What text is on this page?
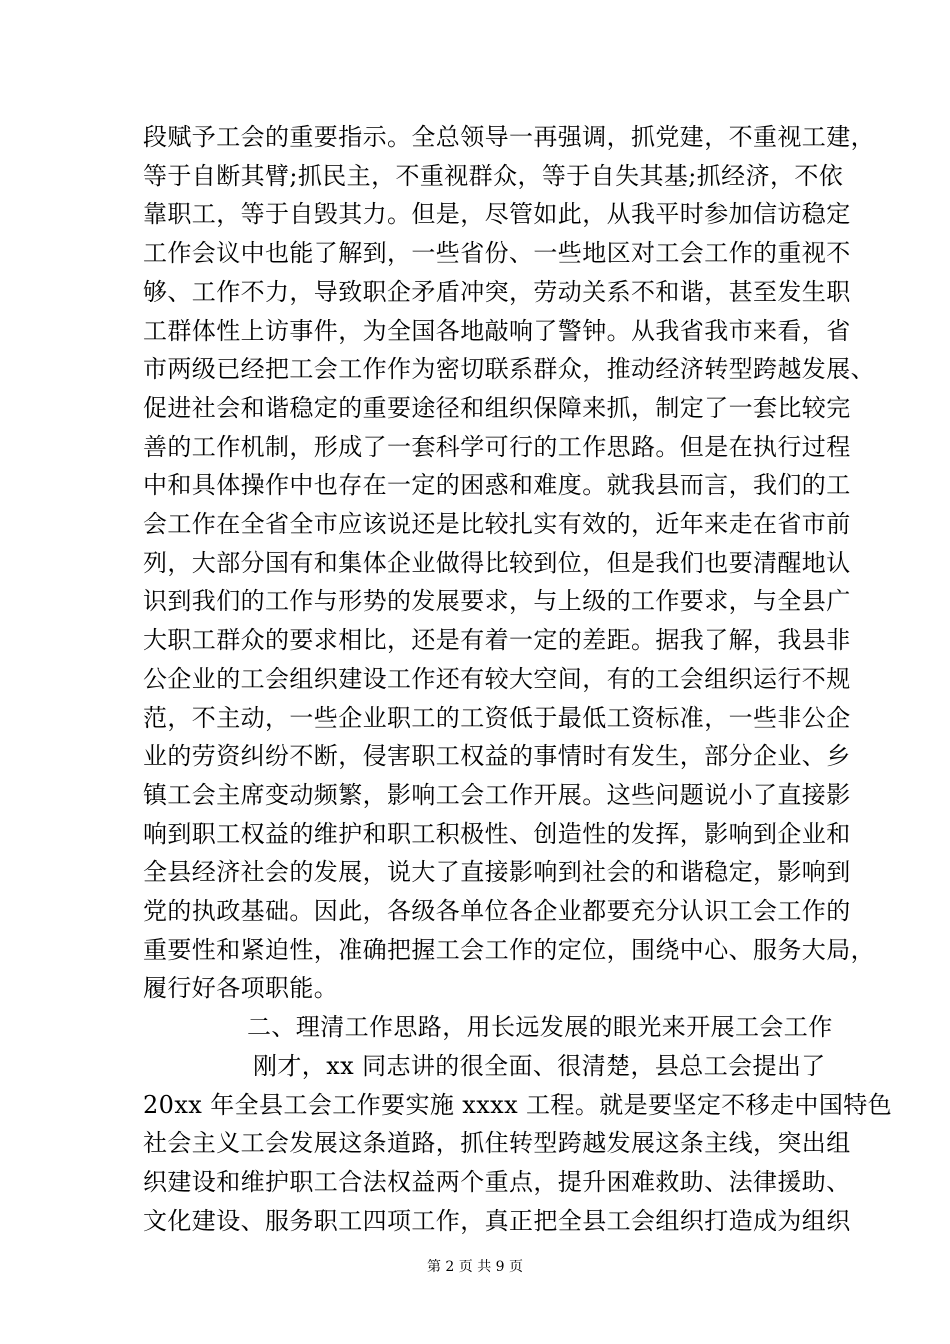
段赋予工会的重要指示。全总领导一再强调，抓党建，不重视工建，
等于自断其臂;抓民主，不重视群众，等于自失其基;抓经济，不依
靠职工，等于自毁其力。但是，尽管如此，从我平时参加信访稳定
工作会议中也能了解到，一些省份、一些地区对工会工作的重视不
够、工作不力，导致职企矛盾冲突，劳动关系不和谐，甚至发生职
工群体性上访事件，为全国各地敲响了警钟。从我省我市来看，省
市两级已经把工会工作作为密切联系群众，推动经济转型跨越发展、
促进社会和谐稳定的重要途径和组织保障来抓，制定了一套比较完
善的工作机制，形成了一套科学可行的工作思路。但是在执行过程
中和具体操作中也存在一定的困惑和难度。就我县而言，我们的工
会工作在全省全市应该说还是比较扎实有效的，近年来走在省市前
列，大部分国有和集体企业做得比较到位，但是我们也要清醒地认
识到我们的工作与形势的发展要求，与上级的工作要求，与全县广
大职工群众的要求相比，还是有着一定的差距。据我了解，我县非
公企业的工会组织建设工作还有较大空间，有的工会组织运行不规
范，不主动，一些企业职工的工资低于最低工资标准，一些非公企
业的劳资纠纷不断，侵害职工权益的事情时有发生，部分企业、乡
镇工会主席变动频繁，影响工会工作开展。这些问题说小了直接影
响到职工权益的维护和职工积极性、创造性的发挥，影响到企业和
全县经济社会的发展，说大了直接影响到社会的和谐稳定，影响到
党的执政基础。因此，各级各单位各企业都要充分认识工会工作的
重要性和紧迫性，准确把握工会工作的定位，围绕中心、服务大局，
履行好各项职能。
二、理清工作思路，用长远发展的眼光来开展工会工作
刚才，xx 同志讲的很全面、很清楚，县总工会提出了
20xx 年全县工会工作要实施 xxxx 工程。就是要坚定不移走中国特色
社会主义工会发展这条道路，抓住转型跨越发展这条主线，突出组
织建设和维护职工合法权益两个重点，提升困难救助、法律援助、
文化建设、服务职工四项工作，真正把全县工会组织打造成为组织
第 2 页 共 9 页
